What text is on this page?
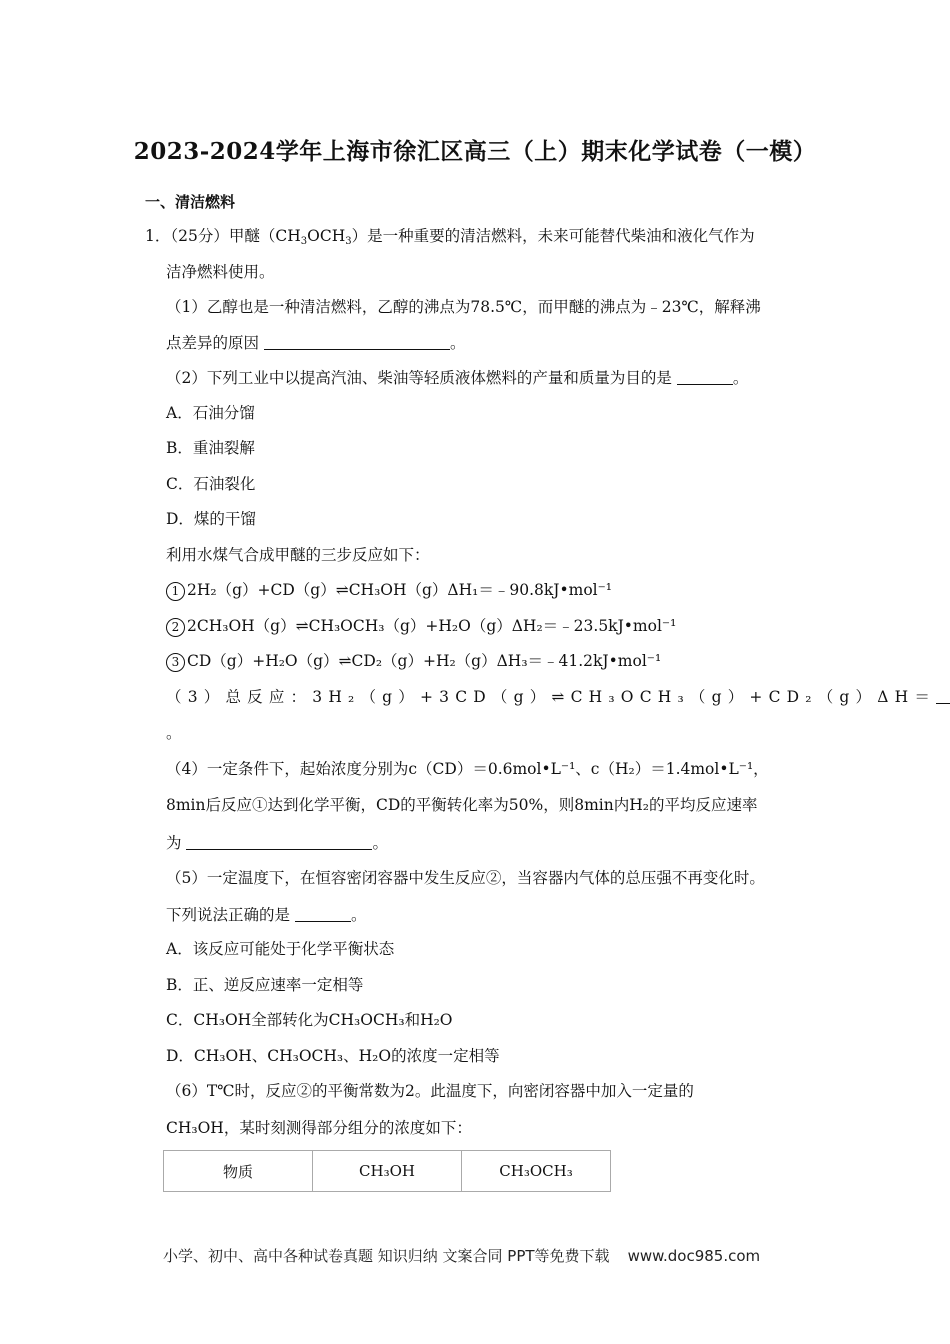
2023-2024学年上海市徐汇区高三（上）期末化学试卷（一模）
一、清洁燃料
1．（25分）甲醚$(CH_3OCH_3)$是一种重要的清洁燃料，未来可能替代柴油和液化气作为
洁净燃料使用。
（1）乙醇也是一种清洁燃料，乙醇的沸点为78.5℃，而甲醚的沸点为﹣23℃，解释沸
点差异的原因	。
（2）下列工业中以提高汽油、柴油等轻质液体燃料的产量和质量为目的是	。
A．石油分馏
B．重油裂解
C．石油裂化
D．煤的干馏
利用水煤气合成甲醚的三步反应如下：
1 2H₂（g）+CD（g）⇌CH₃OH（g）ΔH₁＝﹣90.8kJ•mol⁻¹
2 2CH₃OH（g）⇌CH₃OCH₃（g）+H₂O（g）ΔH₂＝﹣23.5kJ•mol⁻¹
3 CD（g）+H₂O（g）⇌CD₂（g）+H₂（g）ΔH₃＝﹣41.2kJ•mol⁻¹
（3）总反应：3H₂（g）+3CD（g）⇌CH₃OCH₃（g）+CD₂（g）ΔH＝
。
（4）一定条件下，起始浓度分别为c（CD）＝0.6mol•L⁻¹、c（H₂）＝1.4mol•L⁻¹，
8min后反应①达到化学平衡，CD的平衡转化率为50%，则8min内H₂的平均反应速率
为	。
（5）一定温度下，在恒容密闭容器中发生反应②，当容器内气体的总压强不再变化时。
下列说法正确的是	。
A．该反应可能处于化学平衡状态
B．正、逆反应速率一定相等
C．CH₃OH全部转化为CH₃OCH₃和H₂O
D．CH₃OH、CH₃OCH₃、H₂O的浓度一定相等
（6）T℃时，反应②的平衡常数为2。此温度下，向密闭容器中加入一定量的
CH₃OH，某时刻测得部分组分的浓度如下：
物质	CH₃OH	CH₃OCH₃
小学、初中、高中各种试卷真题 知识归纳 文案合同 PPT等免费下载 www.doc985.com
